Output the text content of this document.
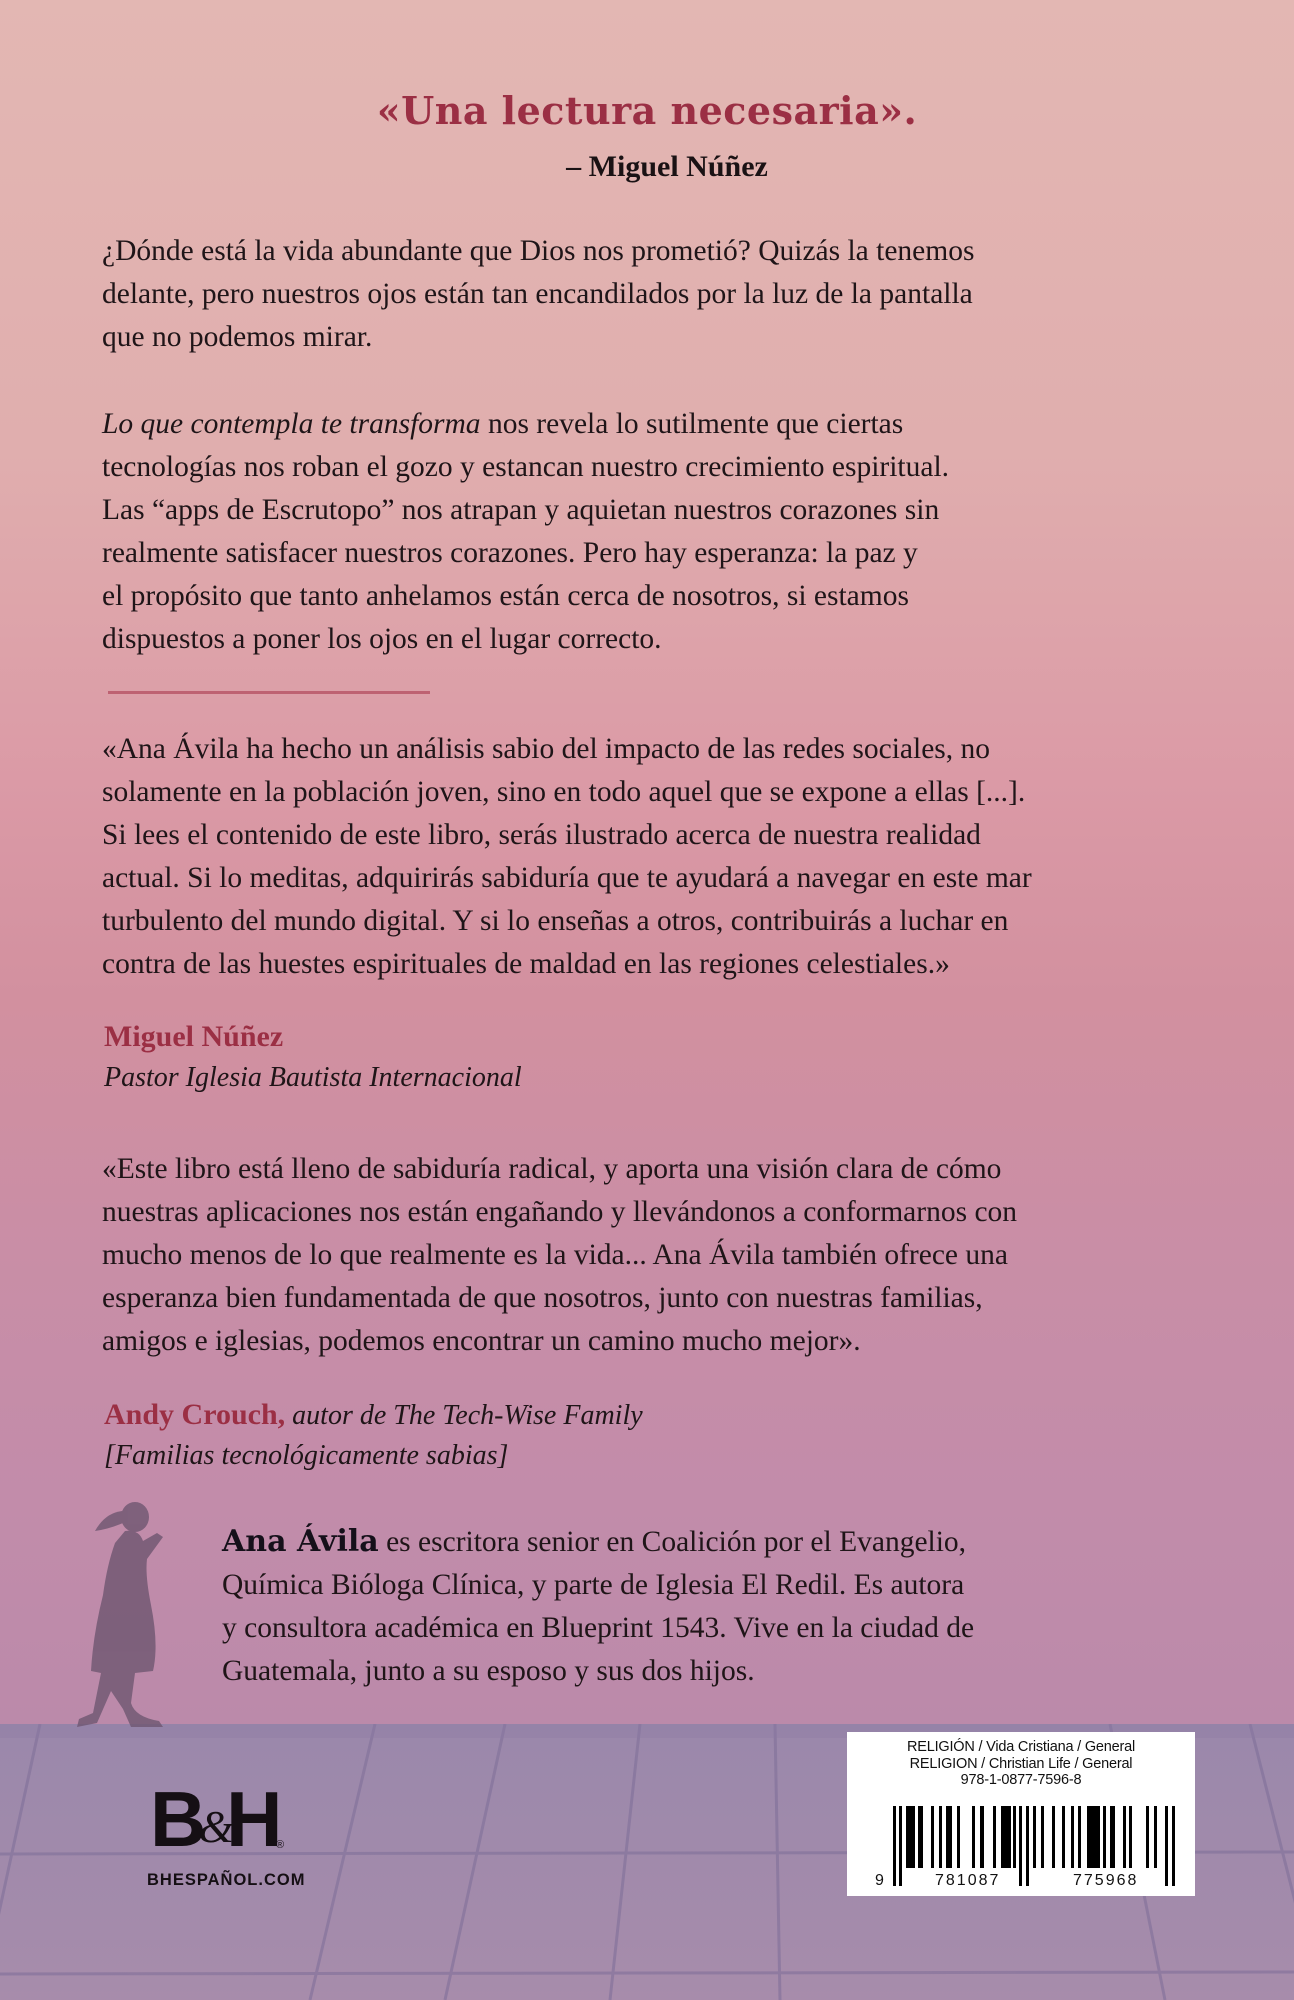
«Una lectura necesaria».
– Miguel Núñez
¿Dónde está la vida abundante que Dios nos prometió? Quizás la tenemos
delante, pero nuestros ojos están tan encandilados por la luz de la pantalla
que no podemos mirar.
Lo que contempla te transforma nos revela lo sutilmente que ciertas
tecnologías nos roban el gozo y estancan nuestro crecimiento espiritual.
Las “apps de Escrutopo” nos atrapan y aquietan nuestros corazones sin
realmente satisfacer nuestros corazones. Pero hay esperanza: la paz y
el propósito que tanto anhelamos están cerca de nosotros, si estamos
dispuestos a poner los ojos en el lugar correcto.
«Ana Ávila ha hecho un análisis sabio del impacto de las redes sociales, no
solamente en la población joven, sino en todo aquel que se expone a ellas [...].
Si lees el contenido de este libro, serás ilustrado acerca de nuestra realidad
actual. Si lo meditas, adquirirás sabiduría que te ayudará a navegar en este mar
turbulento del mundo digital. Y si lo enseñas a otros, contribuirás a luchar en
contra de las huestes espirituales de maldad en las regiones celestiales.»
Miguel Núñez
Pastor Iglesia Bautista Internacional
«Este libro está lleno de sabiduría radical, y aporta una visión clara de cómo
nuestras aplicaciones nos están engañando y llevándonos a conformarnos con
mucho menos de lo que realmente es la vida... Ana Ávila también ofrece una
esperanza bien fundamentada de que nosotros, junto con nuestras familias,
amigos e iglesias, podemos encontrar un camino mucho mejor».
Andy Crouch, autor de The Tech-Wise Family
[Familias tecnológicamente sabias]
Ana Ávila es escritora senior en Coalición por el Evangelio,
Química Bióloga Clínica, y parte de Iglesia El Redil. Es autora
y consultora académica en Blueprint 1543. Vive en la ciudad de
Guatemala, junto a su esposo y sus dos hijos.
B&H ®
BHESPAÑOL.COM
RELIGIÓN / Vida Cristiana / General
RELIGION / Christian Life / General
978-1-0877-7596-8
9	781087	775968
